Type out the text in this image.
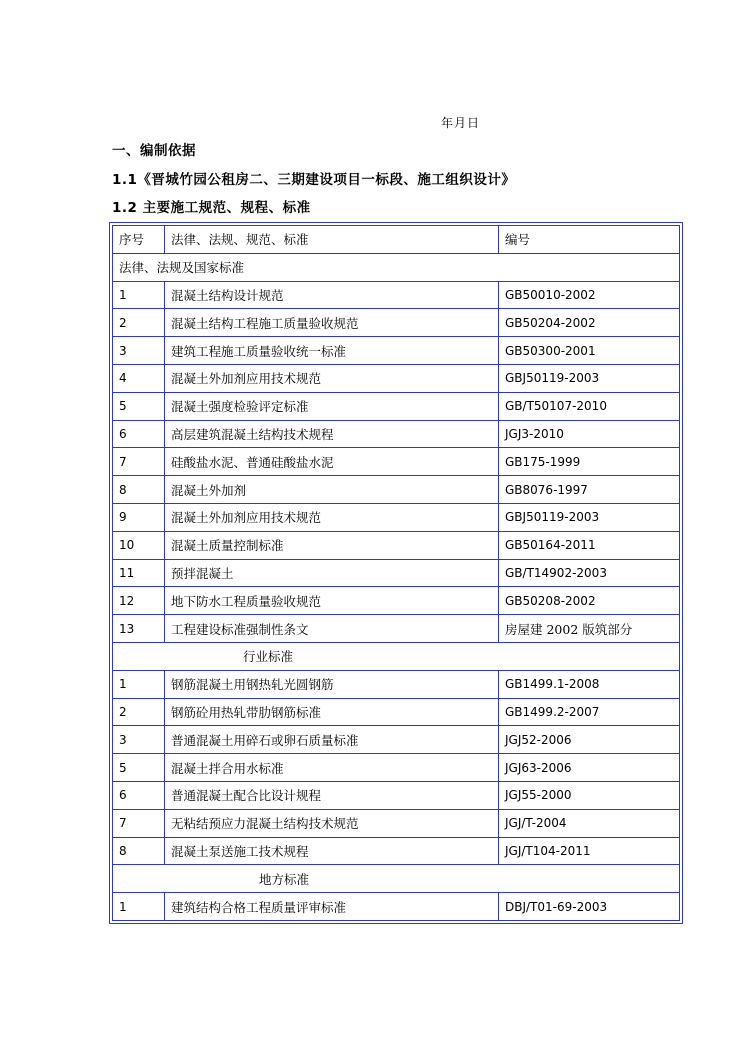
年月日
一、编制依据
1.1《晋城竹园公租房二、三期建设项目一标段、施工组织设计》
1.2 主要施工规范、规程、标准
序号	法律、法规、规范、标准	编号
法律、法规及国家标准		
1	混凝土结构设计规范	GB50010-2002
2	混凝土结构工程施工质量验收规范	GB50204-2002
3	建筑工程施工质量验收统一标准	GB50300-2001
4	混凝土外加剂应用技术规范	GBJ50119-2003
5	混凝土强度检验评定标准	GB/T50107-2010
6	高层建筑混凝土结构技术规程	JGJ3-2010
7	硅酸盐水泥、普通硅酸盐水泥	GB175-1999
8	混凝土外加剂	GB8076-1997
9	混凝土外加剂应用技术规范	GBJ50119-2003
10	混凝土质量控制标准	GB50164-2011
11	预拌混凝土	GB/T14902-2003
12	地下防水工程质量验收规范	GB50208-2002
13	工程建设标准强制性条文	房屋建 2002 版筑部分
行业标准		
1	钢筋混凝土用钢热轧光圆钢筋	GB1499.1-2008
2	钢筋砼用热轧带肋钢筋标准	GB1499.2-2007
3	普通混凝土用碎石或卵石质量标准	JGJ52-2006
5	混凝土拌合用水标准	JGJ63-2006
6	普通混凝土配合比设计规程	JGJ55-2000
7	无粘结预应力混凝土结构技术规范	JGJ/T-2004
8	混凝土泵送施工技术规程	JGJ/T104-2011
地方标准		
1	建筑结构合格工程质量评审标准	DBJ/T01-69-2003
